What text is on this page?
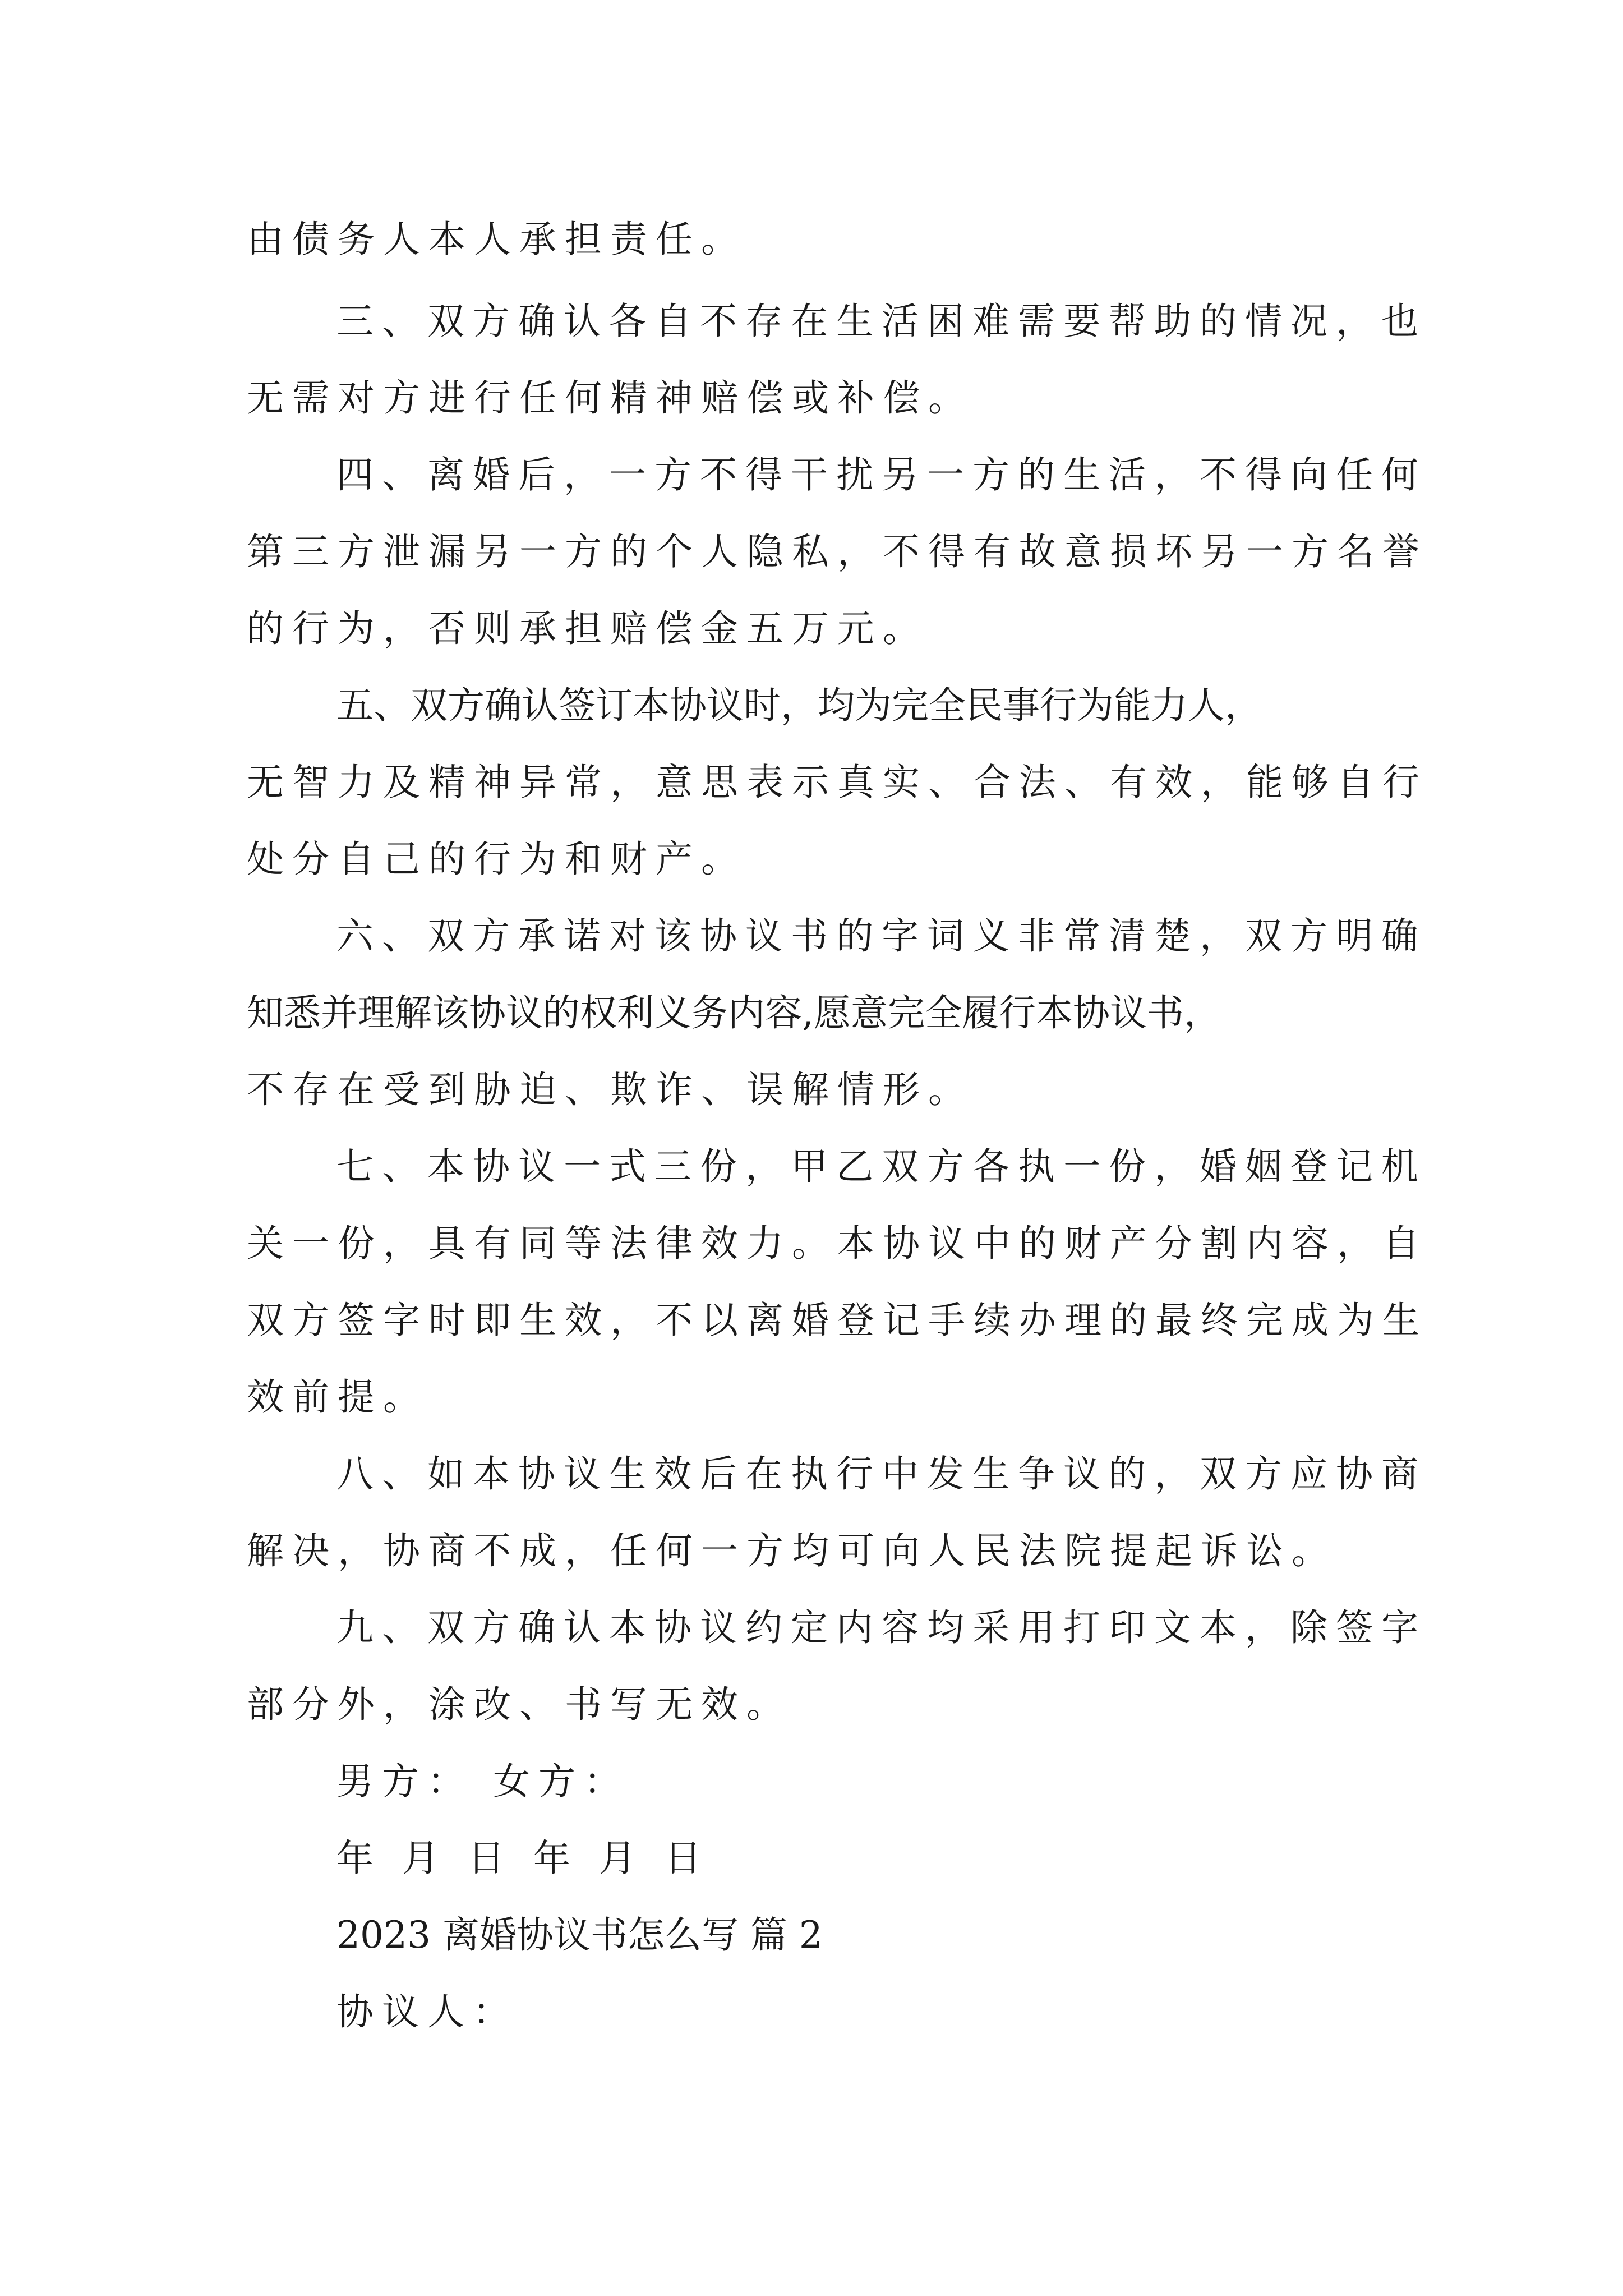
由债务人本人承担责任。
三、双方确认各自不存在生活困难需要帮助的情况，也
无需对方进行任何精神赔偿或补偿。
四、离婚后，一方不得干扰另一方的生活，不得向任何
第三方泄漏另一方的个人隐私，不得有故意损坏另一方名誉
的行为，否则承担赔偿金五万元。
五、双方确认签订本协议时，均为完全民事行为能力人，
无智力及精神异常，意思表示真实、合法、有效，能够自行
处分自己的行为和财产。
六、双方承诺对该协议书的字词义非常清楚，双方明确
知悉并理解该协议的权利义务内容,愿意完全履行本协议书，
不存在受到胁迫、欺诈、误解情形。
七、本协议一式三份，甲乙双方各执一份，婚姻登记机
关一份，具有同等法律效力。本协议中的财产分割内容，自
双方签字时即生效，不以离婚登记手续办理的最终完成为生
效前提。
八、如本协议生效后在执行中发生争议的，双方应协商
解决，协商不成，任何一方均可向人民法院提起诉讼。
九、双方确认本协议约定内容均采用打印文本，除签字
部分外，涂改、书写无效。
男方： 女方：
年 月 日 年 月 日
2023 离婚协议书怎么写 篇 2
协议人：
